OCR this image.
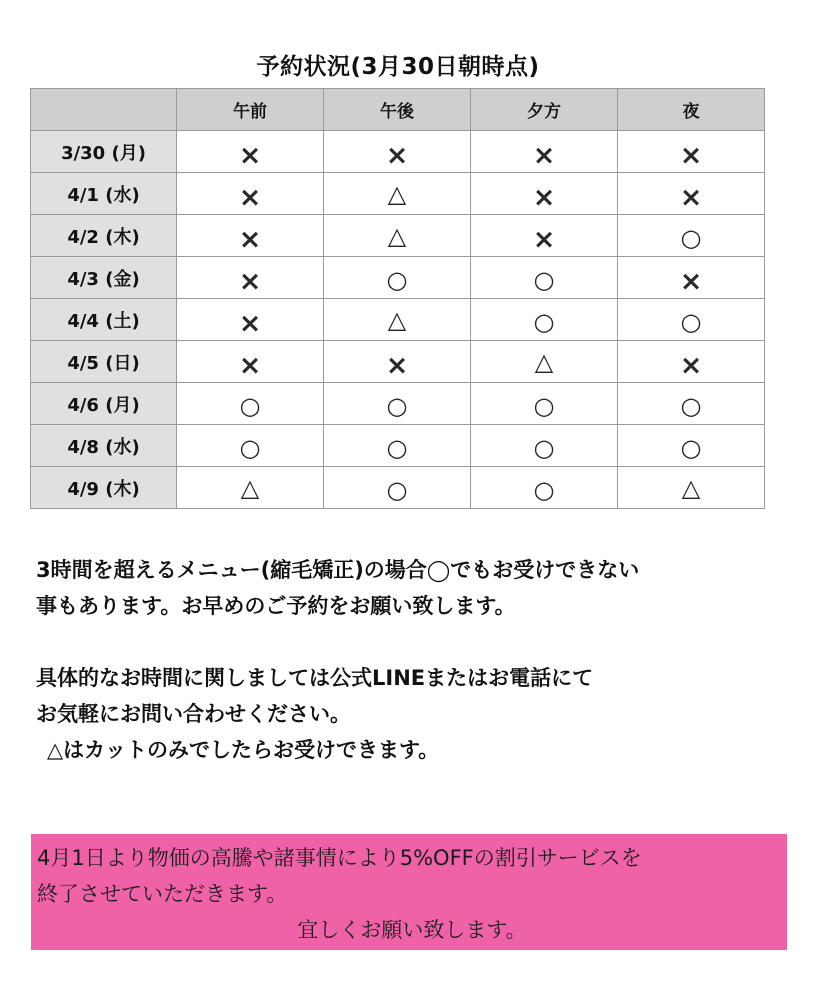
予約状況(3月30日朝時点)
	午前	午後	夕方	夜
3/30 (月)	×	×	×	×
4/1 (水)	×	△	×	×
4/2 (木)	×	△	×	○
4/3 (金)	×	○	○	×
4/4 (土)	×	△	○	○
4/5 (日)	×	×	△	×
4/6 (月)	○	○	○	○
4/8 (水)	○	○	○	○
4/9 (木)	△	○	○	△

3時間を超えるメニュー(縮毛矯正)の場合◯でもお受けできない

事もあります。お早めのご予約をお願い致します。

具体的なお時間に関しましては公式LINEまたはお電話にて

お気軽にお問い合わせください。

△はカットのみでしたらお受けできます。

4月1日より物価の高騰や諸事情により5%OFFの割引サービスを

終了させていただきます。

宜しくお願い致します。
